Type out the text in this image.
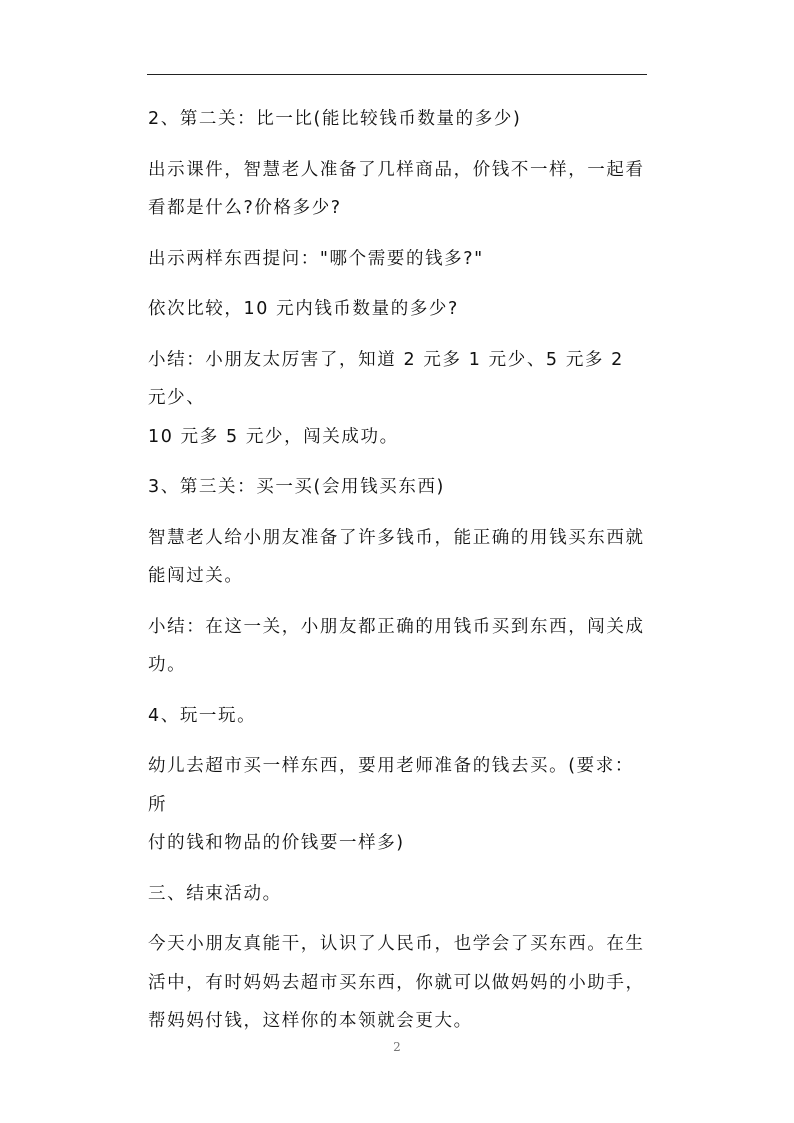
2、第二关：比一比(能比较钱币数量的多少)

出示课件，智慧老人准备了几样商品，价钱不一样，一起看
看都是什么?价格多少?

出示两样东西提问："哪个需要的钱多?"

依次比较，10 元内钱币数量的多少?

小结：小朋友太厉害了，知道 2 元多 1 元少、5 元多 2 元少、
10 元多 5 元少，闯关成功。

3、第三关：买一买(会用钱买东西)

智慧老人给小朋友准备了许多钱币，能正确的用钱买东西就
能闯过关。

小结：在这一关，小朋友都正确的用钱币买到东西，闯关成
功。

4、玩一玩。

幼儿去超市买一样东西，要用老师准备的钱去买。(要求：所
付的钱和物品的价钱要一样多)

三、结束活动。

今天小朋友真能干，认识了人民币，也学会了买东西。在生
活中，有时妈妈去超市买东西，你就可以做妈妈的小助手，
帮妈妈付钱，这样你的本领就会更大。

2
